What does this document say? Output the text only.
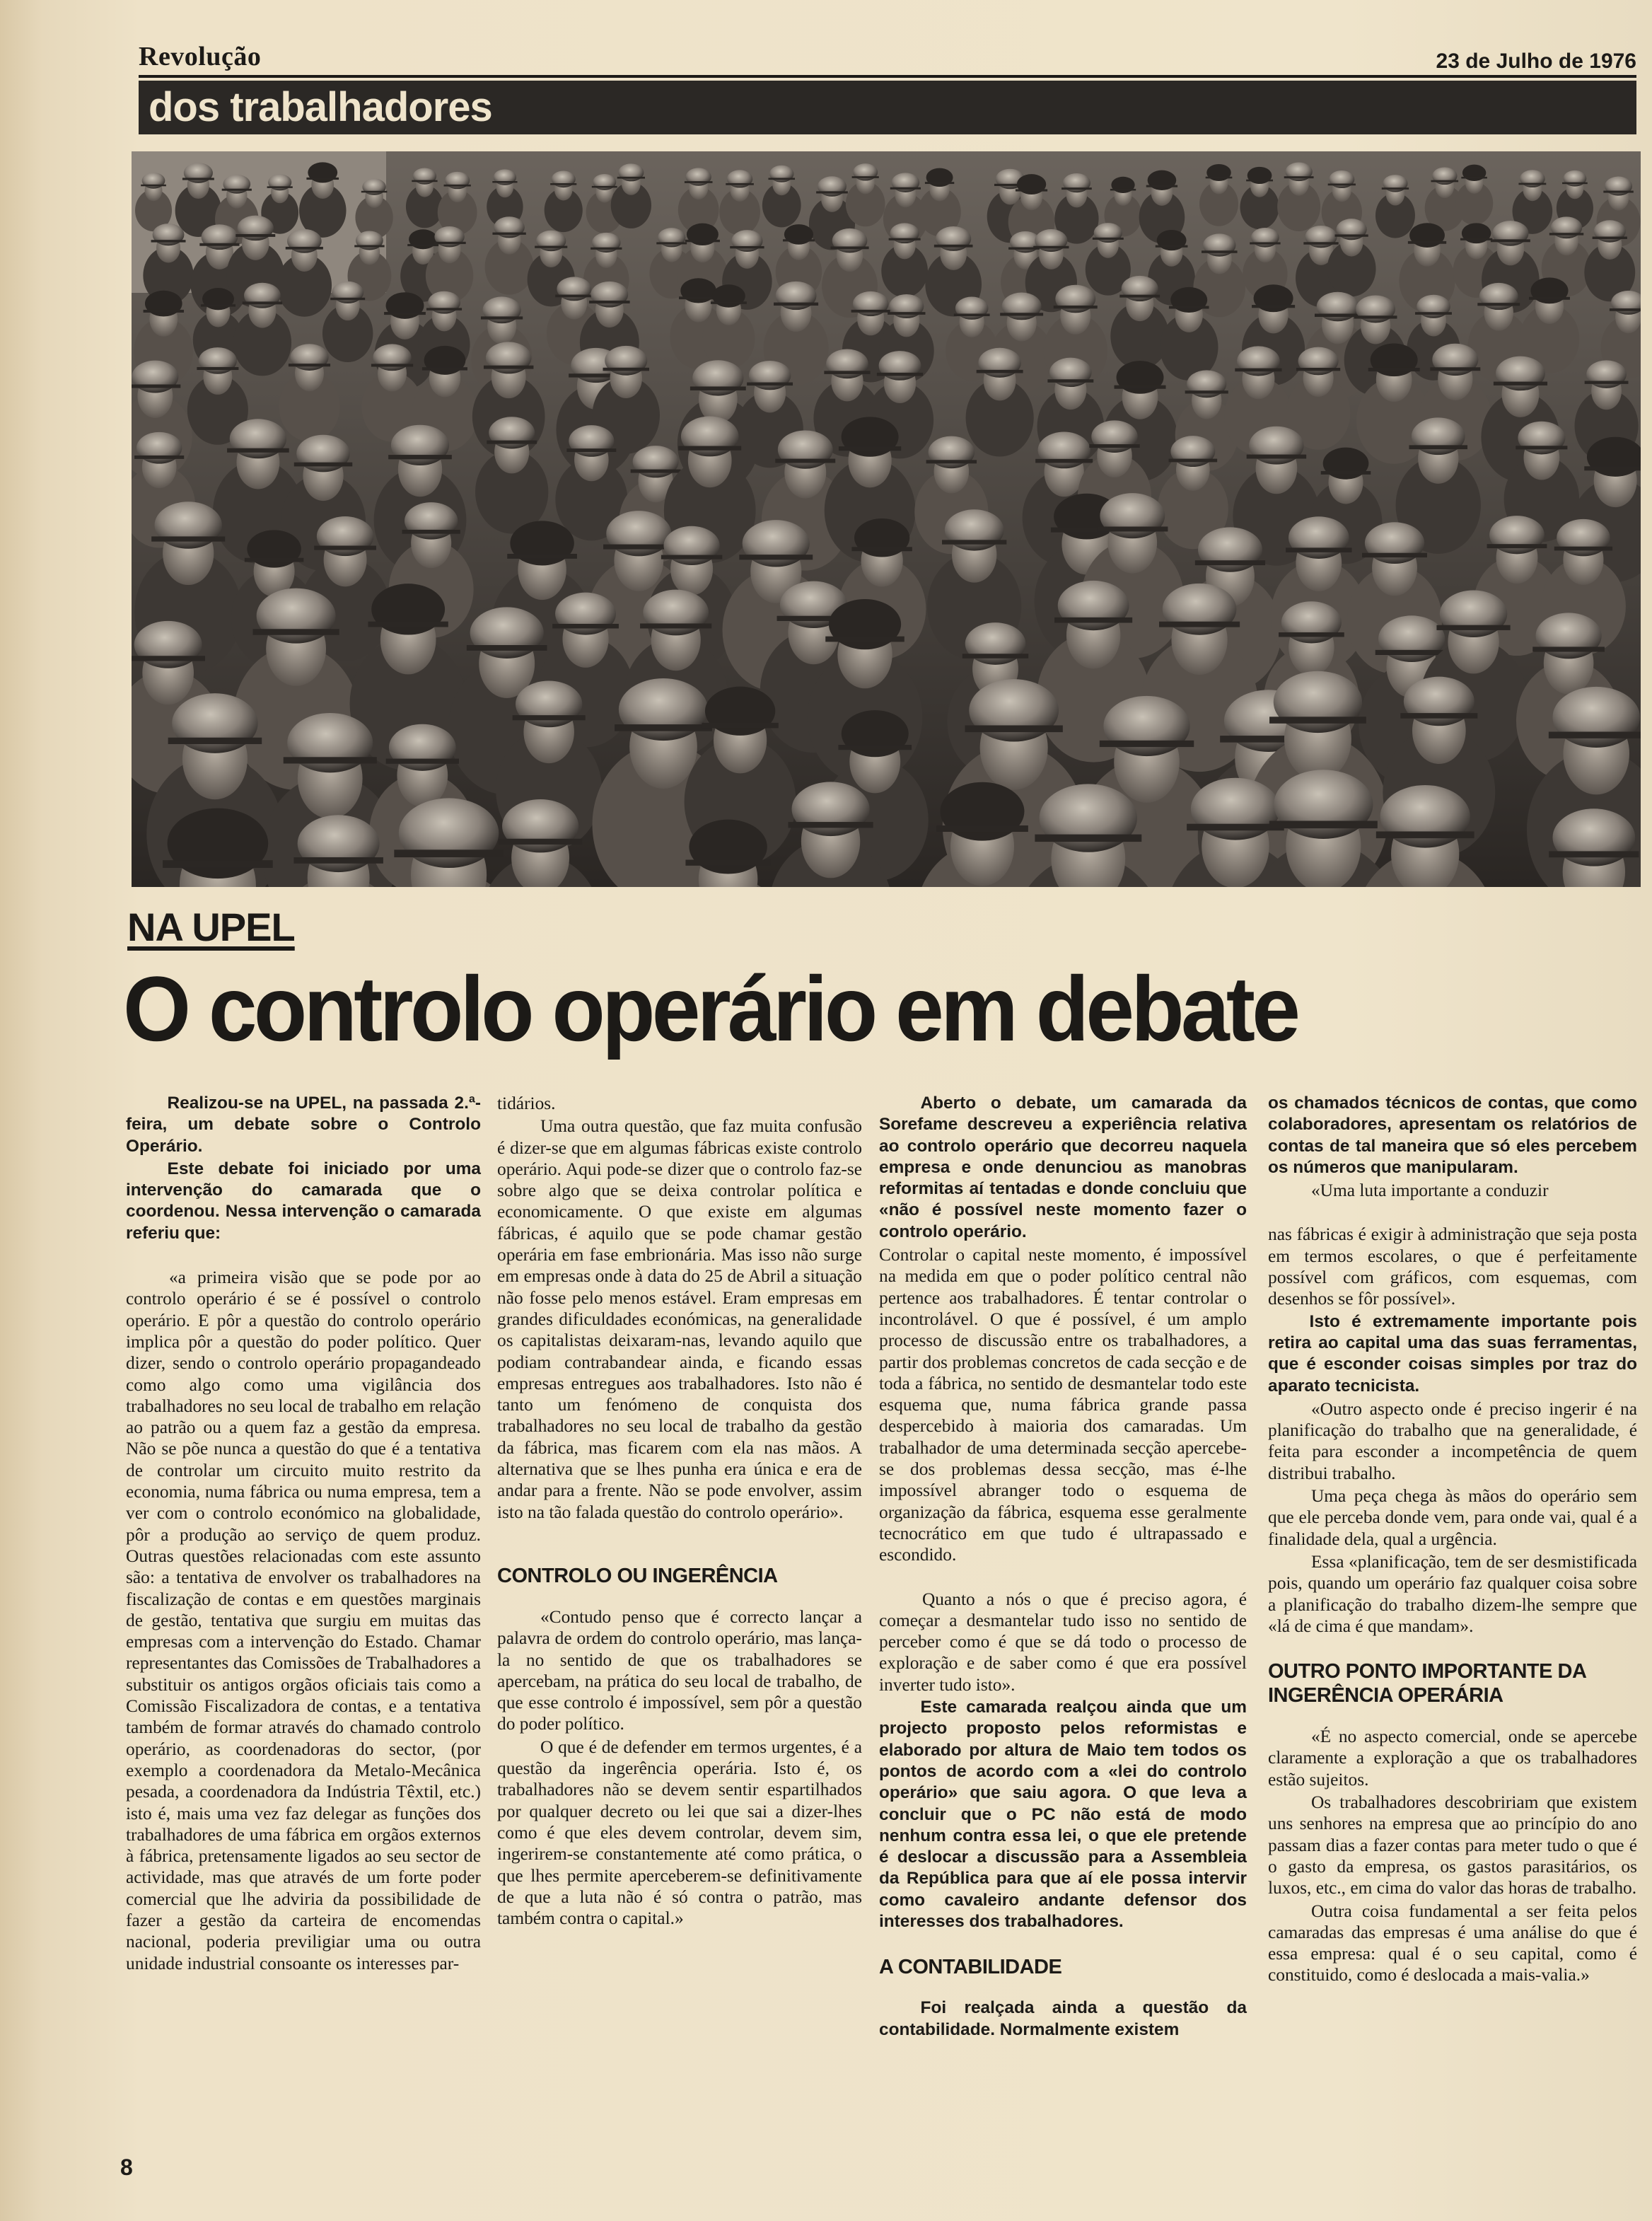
Revolução	23 de Julho de 1976
dos trabalhadores
NA UPEL
O controlo operário em debate

Realizou-se na UPEL, na passada 2.ª-feira, um debate sobre o Controlo Operário.

Este debate foi iniciado por uma intervenção do camarada que o coordenou. Nessa intervenção o camarada referiu que:

«a primeira visão que se pode por ao controlo operário é se é possível o controlo operário. E pôr a questão do controlo operário implica pôr a questão do poder político. Quer dizer, sendo o controlo operário propagandeado como algo como uma vigilância dos trabalhadores no seu local de trabalho em relação ao patrão ou a quem faz a gestão da empresa. Não se põe nunca a questão do que é a tentativa de controlar um circuito muito restrito da economia, numa fábrica ou numa empresa, tem a ver com o controlo económico na globalidade, pôr a produção ao serviço de quem produz. Outras questões relacionadas com este assunto são: a tentativa de envolver os trabalhadores na fiscalização de contas e em questões marginais de gestão, tentativa que surgiu em muitas das empresas com a intervenção do Estado. Chamar representantes das Comissões de Trabalhadores a substituir os antigos orgãos oficiais tais como a Comissão Fiscalizadora de contas, e a tentativa também de formar através do chamado controlo operário, as coordenadoras do sector, (por exemplo a coordenadora da Metalo-Mecânica pesada, a coordenadora da Indústria Têxtil, etc.) isto é, mais uma vez faz delegar as funções dos trabalhadores de uma fábrica em orgãos externos à fábrica, pretensamente ligados ao seu sector de actividade, mas que através de um forte poder comercial que lhe adviria da possibilidade de fazer a gestão da carteira de encomendas nacional, poderia previligiar uma ou outra unidade industrial consoante os interesses par-

tidários.

Uma outra questão, que faz muita confusão é dizer-se que em algumas fábricas existe controlo operário. Aqui pode-se dizer que o controlo faz-se sobre algo que se deixa controlar política e economicamente. O que existe em algumas fábricas, é aquilo que se pode chamar gestão operária em fase embrionária. Mas isso não surge em empresas onde à data do 25 de Abril a situação não fosse pelo menos estável. Eram empresas em grandes dificuldades económicas, na generalidade os capitalistas deixaram-nas, levando aquilo que podiam contrabandear ainda, e ficando essas empresas entregues aos trabalhadores. Isto não é tanto um fenómeno de conquista dos trabalhadores no seu local de trabalho da gestão da fábrica, mas ficarem com ela nas mãos. A alternativa que se lhes punha era única e era de andar para a frente. Não se pode envolver, assim isto na tão falada questão do controlo operário».

CONTROLO OU INGERÊNCIA

«Contudo penso que é correcto lançar a palavra de ordem do controlo operário, mas lança-la no sentido de que os trabalhadores se apercebam, na prática do seu local de trabalho, de que esse controlo é impossível, sem pôr a questão do poder político.

O que é de defender em termos urgentes, é a questão da ingerência operária. Isto é, os trabalhadores não se devem sentir espartilhados por qualquer decreto ou lei que sai a dizer-lhes como é que eles devem controlar, devem sim, ingerirem-se constantemente até como prática, o que lhes permite aperceberem-se definitivamente de que a luta não é só contra o patrão, mas também contra o capital.»

Aberto o debate, um camarada da Sorefame descreveu a experiência relativa ao controlo operário que decorreu naquela empresa e onde denunciou as manobras reformitas aí tentadas e donde concluiu que «não é possível neste momento fazer o controlo operário.

Controlar o capital neste momento, é impossível na medida em que o poder político central não pertence aos trabalhadores. É tentar controlar o incontrolável. O que é possível, é um amplo processo de discussão entre os trabalhadores, a partir dos problemas concretos de cada secção e de toda a fábrica, no sentido de desmantelar todo este esquema que, numa fábrica grande passa despercebido à maioria dos camaradas. Um trabalhador de uma determinada secção apercebe-se dos problemas dessa secção, mas é-lhe impossível abranger todo o esquema de organização da fábrica, esquema esse geralmente tecnocrático em que tudo é ultrapassado e escondido.

Quanto a nós o que é preciso agora, é começar a desmantelar tudo isso no sentido de perceber como é que se dá todo o processo de exploração e de saber como é que era possível inverter tudo isto».

Este camarada realçou ainda que um projecto proposto pelos reformistas e elaborado por altura de Maio tem todos os pontos de acordo com a «lei do controlo operário» que saiu agora. O que leva a concluir que o PC não está de modo nenhum contra essa lei, o que ele pretende é deslocar a discussão para a Assembleia da República para que aí ele possa intervir como cavaleiro andante defensor dos interesses dos trabalhadores.

A CONTABILIDADE

Foi realçada ainda a questão da contabilidade. Normalmente existem

os chamados técnicos de contas, que como colaboradores, apresentam os relatórios de contas de tal maneira que só eles percebem os números que manipularam.

«Uma luta importante a conduzir

nas fábricas é exigir à administração que seja posta em termos escolares, o que é perfeitamente possível com gráficos, com esquemas, com desenhos se fôr possível».

Isto é extremamente importante pois retira ao capital uma das suas ferramentas, que é esconder coisas simples por traz do aparato tecnicista.

«Outro aspecto onde é preciso ingerir é na planificação do trabalho que na generalidade, é feita para esconder a incompetência de quem distribui trabalho.

Uma peça chega às mãos do operário sem que ele perceba donde vem, para onde vai, qual é a finalidade dela, qual a urgência.

Essa «planificação, tem de ser desmistificada pois, quando um operário faz qualquer coisa sobre a planificação do trabalho dizem-lhe sempre que «lá de cima é que mandam».

OUTRO PONTO IMPORTANTE DA INGERÊNCIA OPERÁRIA

«É no aspecto comercial, onde se apercebe claramente a exploração a que os trabalhadores estão sujeitos.

Os trabalhadores descobririam que existem uns senhores na empresa que ao princípio do ano passam dias a fazer contas para meter tudo o que é o gasto da empresa, os gastos parasitários, os luxos, etc., em cima do valor das horas de trabalho.

Outra coisa fundamental a ser feita pelos camaradas das empresas é uma análise do que é essa empresa: qual é o seu capital, como é constituido, como é deslocada a mais-valia.»

8
